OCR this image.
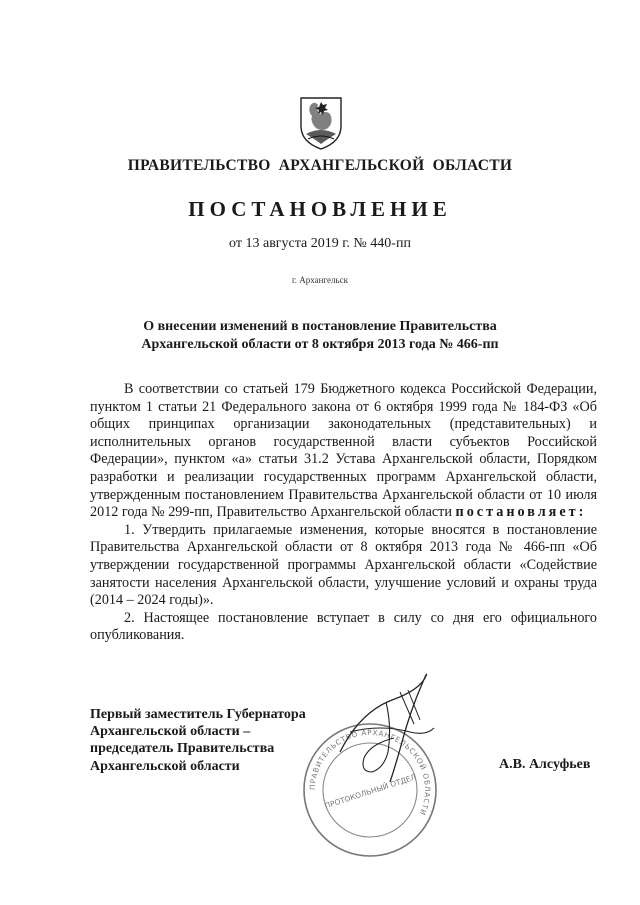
ПРАВИТЕЛЬСТВО АРХАНГЕЛЬСКОЙ ОБЛАСТИ
ПОСТАНОВЛЕНИЕ
от 13 августа 2019 г. № 440-пп
г. Архангельск
О внесении изменений в постановление Правительства
Архангельской области от 8 октября 2013 года № 466-пп

В соответствии со статьей 179 Бюджетного кодекса Российской Федерации, пунктом 1 статьи 21 Федерального закона от 6 октября 1999 года № 184-ФЗ «Об общих принципах организации законодательных (представительных) и исполнительных органов государственной власти субъектов Российской Федерации», пунктом «а» статьи 31.2 Устава Архангельской области, Порядком разработки и реализации государственных программ Архангельской области, утвержденным постановлением Правительства Архангельской области от 10 июля 2012 года № 299-пп, Правительство Архангельской области постановляет:

1. Утвердить прилагаемые изменения, которые вносятся в постановление Правительства Архангельской области от 8 октября 2013 года № 466-пп «Об утверждении государственной программы Архангельской области «Содействие занятости населения Архангельской области, улучшение условий и охраны труда (2014 – 2024 годы)».

2. Настоящее постановление вступает в силу со дня его официального опубликования.

ПРАВИТЕЛЬСТВО АРХАНГЕЛЬСКОЙ ОБЛАСТИ
ПРОТОКОЛЬНЫЙ ОТДЕЛ
Первый заместитель Губернатора
Архангельской области –
председатель Правительства
Архангельской области	А.В. Алсуфьев
